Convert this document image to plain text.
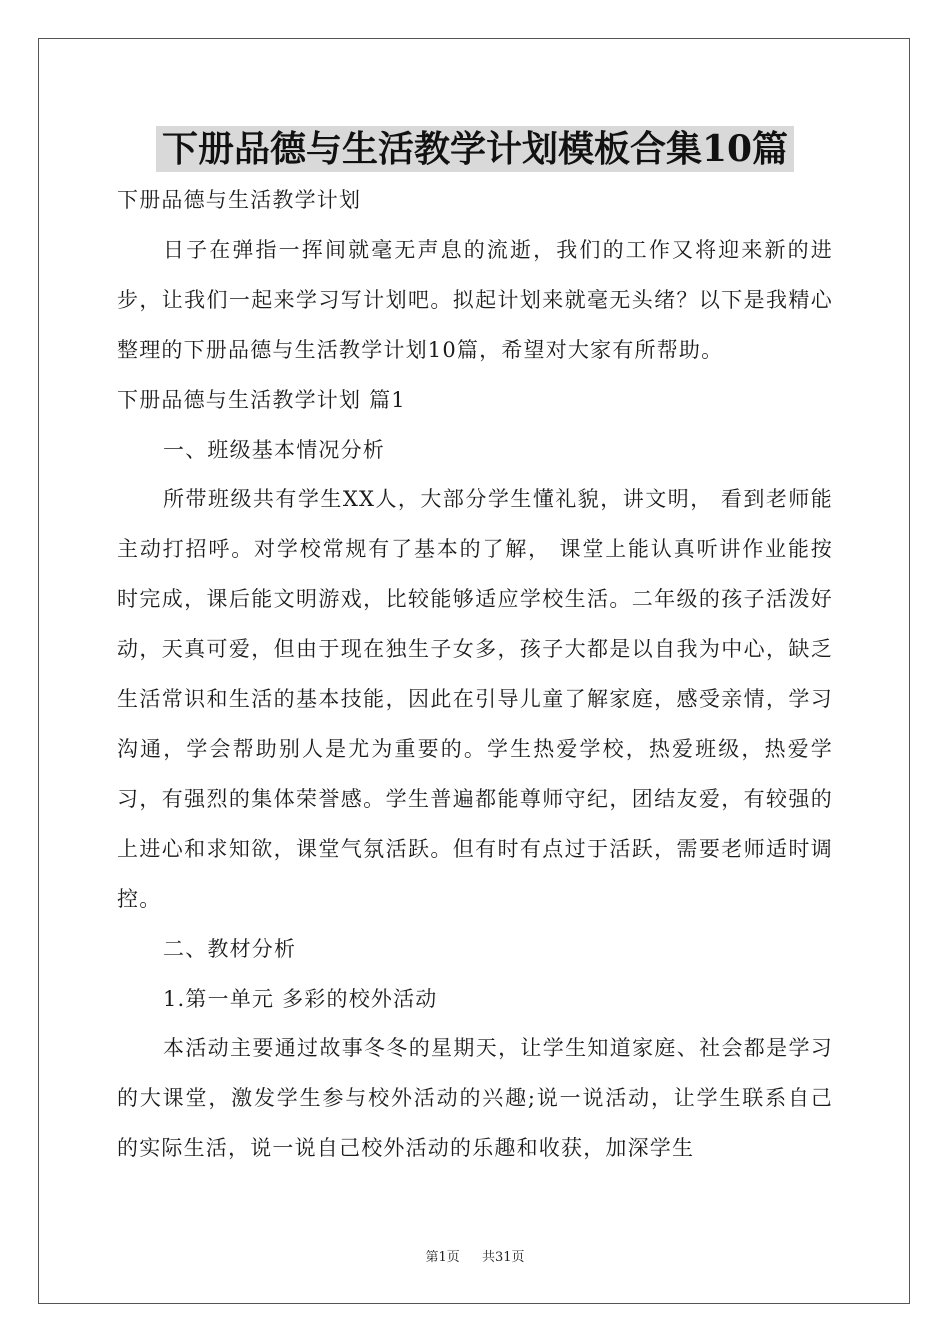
下册品德与生活教学计划模板合集10篇

下册品德与生活教学计划

日子在弹指一挥间就毫无声息的流逝，我们的工作又将迎来新的进步，让我们一起来学习写计划吧。拟起计划来就毫无头绪？以下是我精心整理的下册品德与生活教学计划10篇，希望对大家有所帮助。

下册品德与生活教学计划 篇1

一、班级基本情况分析

所带班级共有学生XX人，大部分学生懂礼貌，讲文明， 看到老师能主动打招呼。对学校常规有了基本的了解， 课堂上能认真听讲作业能按时完成，课后能文明游戏，比较能够适应学校生活。二年级的孩子活泼好动，天真可爱，但由于现在独生子女多，孩子大都是以自我为中心，缺乏生活常识和生活的基本技能，因此在引导儿童了解家庭，感受亲情，学习沟通，学会帮助别人是尤为重要的。学生热爱学校，热爱班级，热爱学习，有强烈的集体荣誉感。学生普遍都能尊师守纪，团结友爱，有较强的上进心和求知欲，课堂气氛活跃。但有时有点过于活跃，需要老师适时调控。

二、教材分析

1.第一单元 多彩的校外活动

本活动主要通过故事冬冬的星期天，让学生知道家庭、社会都是学习的大课堂，激发学生参与校外活动的兴趣;说一说活动，让学生联系自己的实际生活，说一说自己校外活动的乐趣和收获，加深学生

第1页 共31页
